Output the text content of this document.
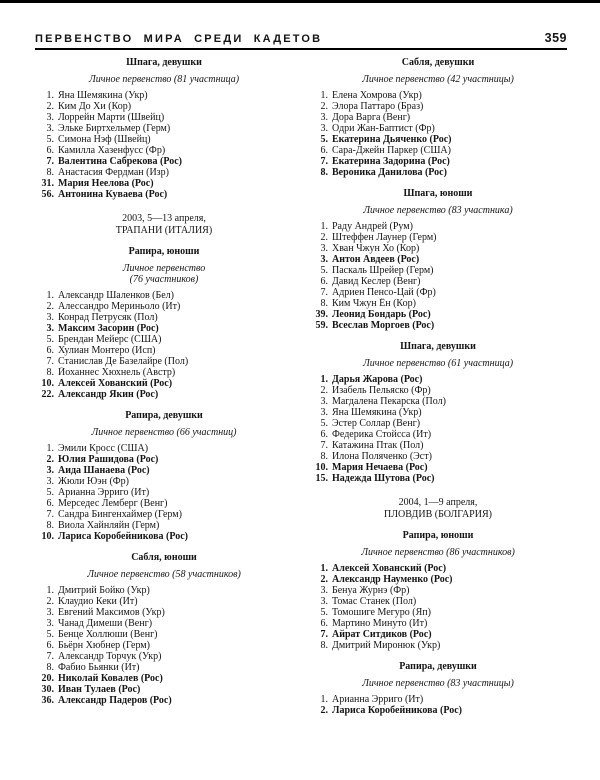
ПЕРВЕНСТВО МИРА СРЕДИ КАДЕТОВ	359
Шпага, девушки
Личное первенство (81 участница)
1. Яна Шемякина (Укр)
2. Ким До Хи (Кор)
3. Лоррейн Марти (Швейц)
3. Эльке Биртхельмер (Герм)
5. Симона Нэф (Швейц)
6. Камилла Хазенфусс (Фр)
7. Валентина Сабрекова (Рос)
8. Анастасия Фердман (Изр)
31. Мария Неелова (Рос)
56. Антонина Куваева (Рос)
2003, 5—13 апреля,
ТРАПАНИ (ИТАЛИЯ)
Рапира, юноши
Личное первенство
(76 участников)
1. Александр Шаленков (Бел)
2. Алессандро Мериньоло (Ит)
3. Конрад Петрусяк (Пол)
3. Максим Засорин (Рос)
5. Брендан Мейерс (США)
6. Хулиан Монтеро (Исп)
7. Станислав Де Базелайре (Пол)
8. Йоханнес Хюхнель (Австр)
10. Алексей Хованский (Рос)
22. Александр Якин (Рос)
Рапира, девушки
Личное первенство (66 участниц)
1. Эмили Кросс (США)
2. Юлия Рашидова (Рос)
3. Аида Шанаева (Рос)
3. Жюли Юэн (Фр)
5. Арианна Эрриго (Ит)
6. Мерседес Лемберг (Венг)
7. Сандра Бингенхаймер (Герм)
8. Виола Хайнляйн (Герм)
10. Лариса Коробейникова (Рос)
Сабля, юноши
Личное первенство (58 участников)
1. Дмитрий Бойко (Укр)
2. Клаудио Кеки (Ит)
3. Евгений Максимов (Укр)
3. Чанад Димеши (Венг)
5. Бенце Холлюши (Венг)
6. Бьёрн Хюбнер (Герм)
7. Александр Торчук (Укр)
8. Фабио Бьянки (Ит)
20. Николай Ковалев (Рос)
30. Иван Тулаев (Рос)
36. Александр Падеров (Рос)
Сабля, девушки
Личное первенство (42 участницы)
1. Елена Хомрова (Укр)
2. Элора Паттаро (Браз)
3. Дора Варга (Венг)
3. Одри Жан-Баптист (Фр)
5. Екатерина Дьяченко (Рос)
6. Сара-Джейн Паркер (США)
7. Екатерина Задорина (Рос)
8. Вероника Данилова (Рос)
Шпага, юноши
Личное первенство (83 участника)
1. Раду Андрей (Рум)
2. Штеффен Лаунер (Герм)
3. Хван Чжун Хо (Кор)
3. Антон Авдеев (Рос)
5. Паскаль Шрейер (Герм)
6. Давид Кеслер (Венг)
7. Адриен Пенсо-Цай (Фр)
8. Ким Чжун Ён (Кор)
39. Леонид Бондарь (Рос)
59. Всеслав Моргоев (Рос)
Шпага, девушки
Личное первенство (61 участница)
1. Дарья Жарова (Рос)
2. Изабель Пельяско (Фр)
3. Магдалена Пекарска (Пол)
3. Яна Шемякина (Укр)
5. Эстер Соллар (Венг)
6. Федерика Стойсса (Ит)
7. Катажина Птак (Пол)
8. Илона Поляченко (Эст)
10. Мария Нечаева (Рос)
15. Надежда Шутова (Рос)
2004, 1—9 апреля,
ПЛОВДИВ (БОЛГАРИЯ)
Рапира, юноши
Личное первенство (86 участников)
1. Алексей Хованский (Рос)
2. Александр Науменко (Рос)
3. Бенуа Журнэ (Фр)
3. Томас Станек (Пол)
5. Томошиге Мегуро (Яп)
6. Мартино Минуто (Ит)
7. Айрат Ситдиков (Рос)
8. Дмитрий Миронюк (Укр)
Рапира, девушки
Личное первенство (83 участницы)
1. Арианна Эрриго (Ит)
2. Лариса Коробейникова (Рос)
